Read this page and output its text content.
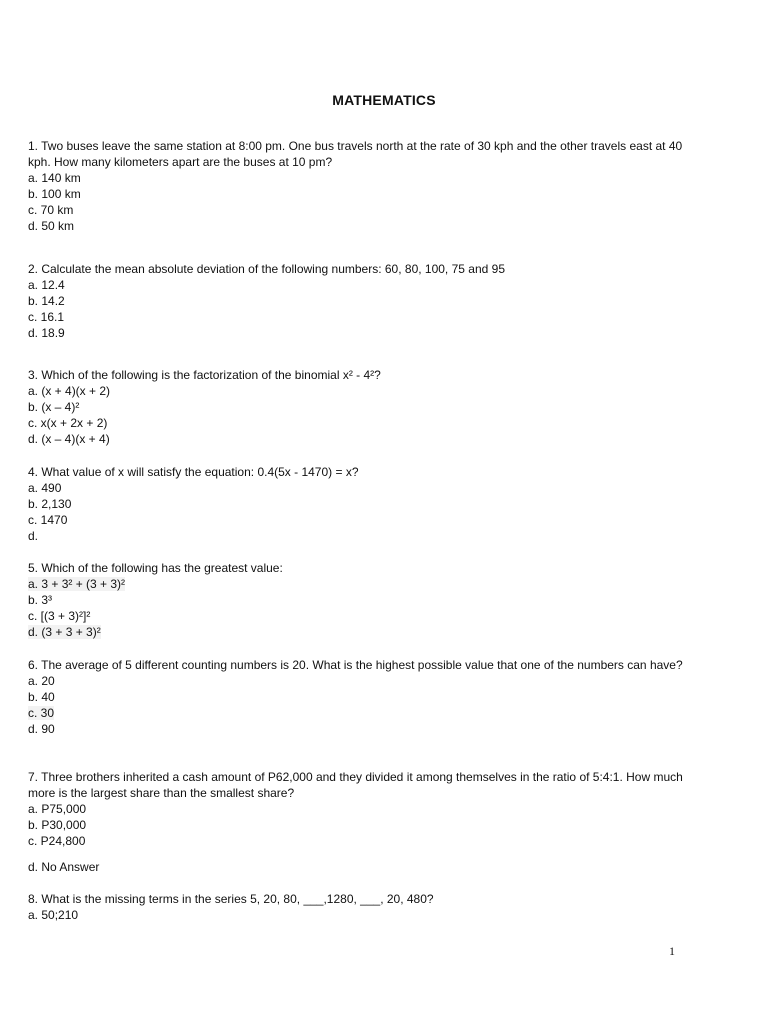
MATHEMATICS
1. Two buses leave the same station at 8:00 pm. One bus travels north at the rate of 30 kph and the other travels east at 40
kph. How many kilometers apart are the buses at 10 pm?
a. 140 km
b. 100 km
c. 70 km
d. 50 km
2. Calculate the mean absolute deviation of the following numbers: 60, 80, 100, 75 and 95
a. 12.4
b. 14.2
c. 16.1
d. 18.9
3. Which of the following is the factorization of the binomial x² - 4²?
a. (x + 4)(x + 2)
b. (x – 4)²
c. x(x + 2x + 2)
d. (x – 4)(x + 4)
4. What value of x will satisfy the equation: 0.4(5x - 1470) = x?
a. 490
b. 2,130
c. 1470
d.
5. Which of the following has the greatest value:
a. 3 + 3² + (3 + 3)²
b. 3³
c. [(3 + 3)²]²
d. (3 + 3 + 3)²
6. The average of 5 different counting numbers is 20. What is the highest possible value that one of the numbers can have?
a. 20
b. 40
c. 30
d. 90
7. Three brothers inherited a cash amount of P62,000 and they divided it among themselves in the ratio of 5:4:1. How much
more is the largest share than the smallest share?
a. P75,000
b. P30,000
c. P24,800
d. No Answer
8. What is the missing terms in the series 5, 20, 80, ___,1280, ___, 20, 480?
a. 50;210
1
